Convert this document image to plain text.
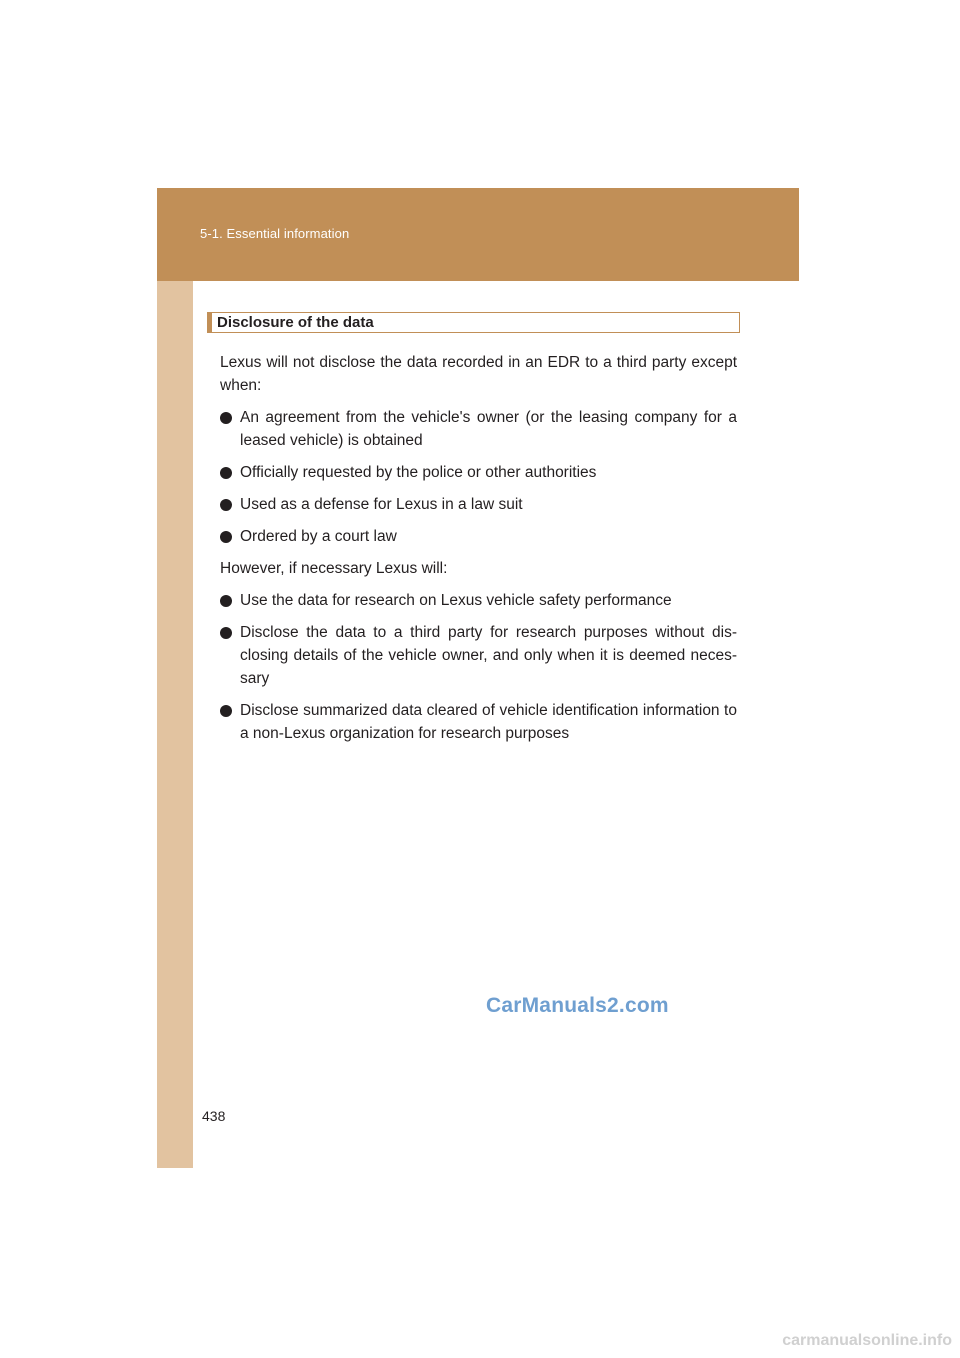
5-1. Essential information
Disclosure of the data

Lexus will not disclose the data recorded in an EDR to a third party except when:

An agreement from the vehicle's owner (or the leasing company for a leased vehicle) is obtained
Officially requested by the police or other authorities
Used as a defense for Lexus in a law suit
Ordered by a court law

However, if necessary Lexus will:

Use the data for research on Lexus vehicle safety performance
Disclose the data to a third party for research purposes without dis-closing details of the vehicle owner, and only when it is deemed neces-sary
Disclose summarized data cleared of vehicle identification information to a non-Lexus organization for research purposes
438
CarManuals2.com
carmanualsonline.info
